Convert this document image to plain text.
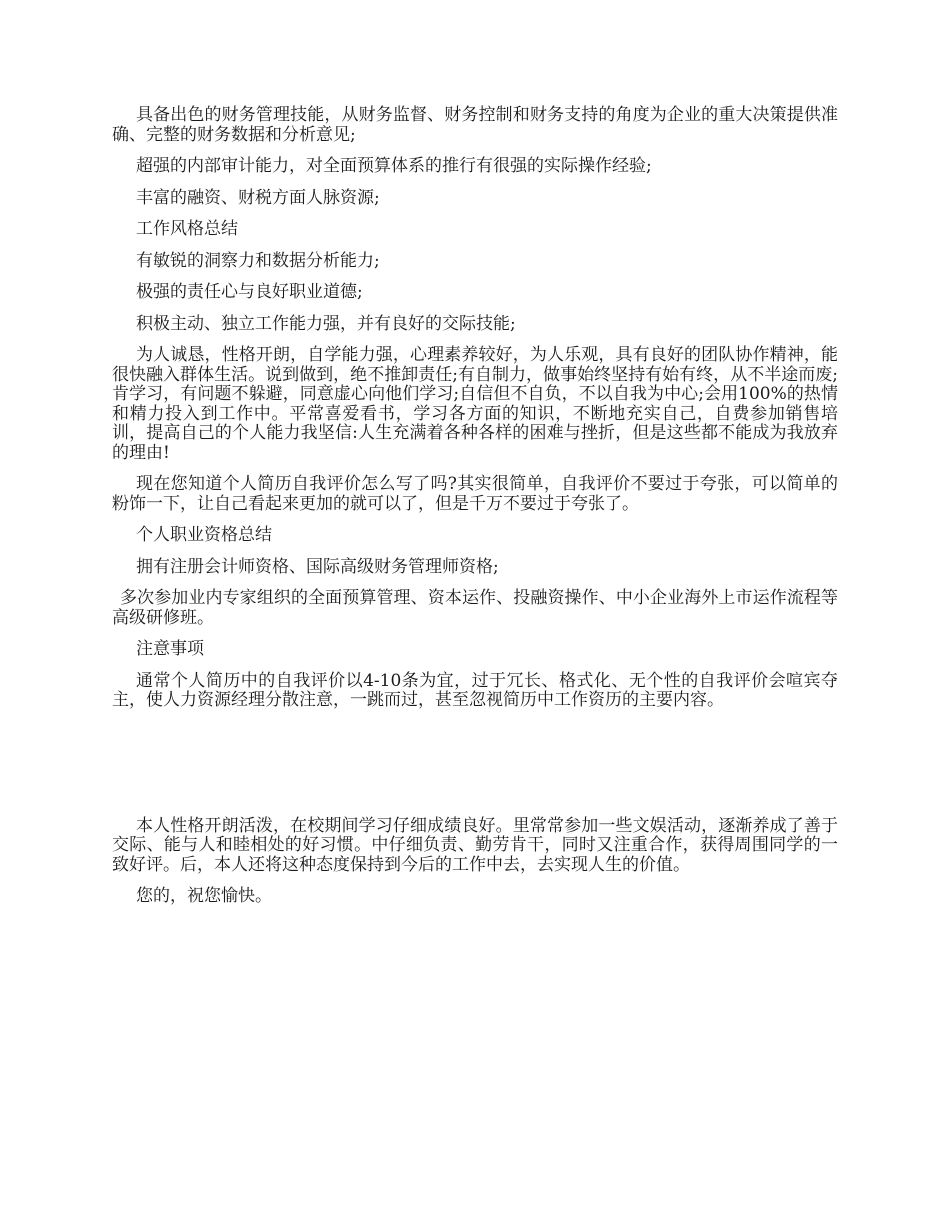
具备出色的财务管理技能，从财务监督、财务控制和财务支持的角度为企业的重大决策提供准确、完整的财务数据和分析意见;

超强的内部审计能力，对全面预算体系的推行有很强的实际操作经验;

丰富的融资、财税方面人脉资源;

工作风格总结

有敏锐的洞察力和数据分析能力;

极强的责任心与良好职业道德;

积极主动、独立工作能力强，并有良好的交际技能;

为人诚恳，性格开朗，自学能力强，心理素养较好，为人乐观，具有良好的团队协作精神，能很快融入群体生活。说到做到，绝不推卸责任;有自制力，做事始终坚持有始有终，从不半途而废;肯学习，有问题不躲避，同意虚心向他们学习;自信但不自负，不以自我为中心;会用100%的热情和精力投入到工作中。平常喜爱看书，学习各方面的知识，不断地充实自己，自费参加销售培训，提高自己的个人能力我坚信:人生充满着各种各样的困难与挫折，但是这些都不能成为我放弃的理由!

现在您知道个人简历自我评价怎么写了吗?其实很简单，自我评价不要过于夸张，可以简单的粉饰一下，让自己看起来更加的就可以了，但是千万不要过于夸张了。

个人职业资格总结

拥有注册会计师资格、国际高级财务管理师资格;

多次参加业内专家组织的全面预算管理、资本运作、投融资操作、中小企业海外上市运作流程等高级研修班。

注意事项

通常个人简历中的自我评价以4-10条为宜，过于冗长、格式化、无个性的自我评价会喧宾夺主，使人力资源经理分散注意，一跳而过，甚至忽视简历中工作资历的主要内容。

本人性格开朗活泼，在校期间学习仔细成绩良好。里常常参加一些文娱活动，逐渐养成了善于交际、能与人和睦相处的好习惯。中仔细负责、勤劳肯干，同时又注重合作，获得周围同学的一致好评。后，本人还将这种态度保持到今后的工作中去，去实现人生的价值。

您的，祝您愉快。
